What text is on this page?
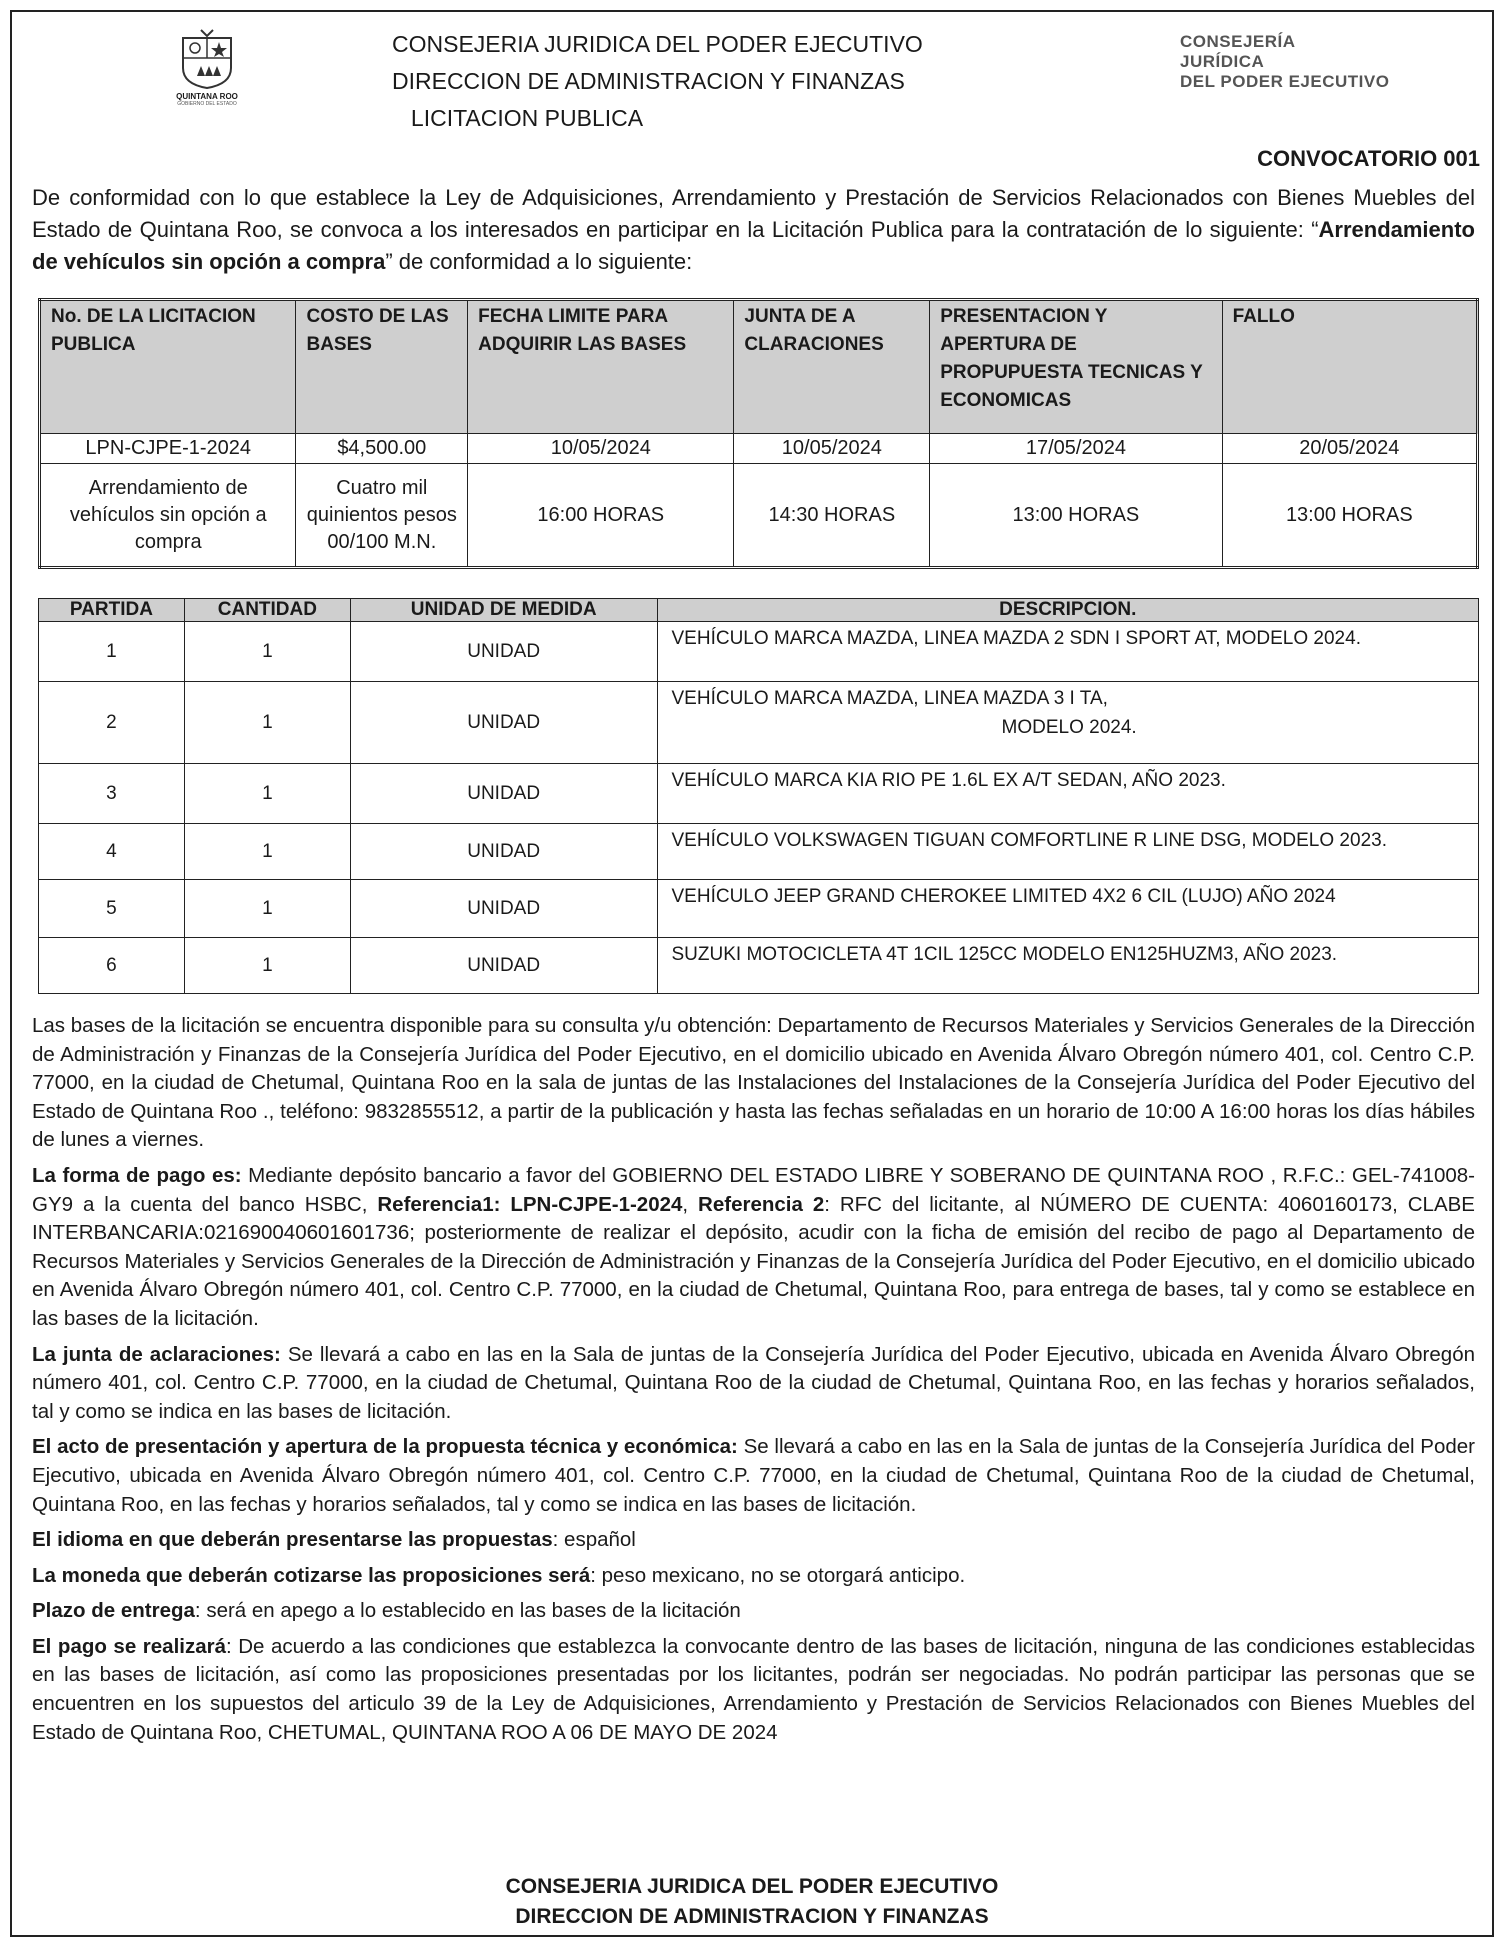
QUINTANA ROO
GOBIERNO DEL ESTADO
CONSEJERIA JURIDICA DEL PODER EJECUTIVO
DIRECCION DE ADMINISTRACION Y FINANZAS
LICITACION PUBLICA
CONSEJERÍA
JURÍDICA
DEL PODER EJECUTIVO
CONVOCATORIO 001
De conformidad con lo que establece la Ley de Adquisiciones, Arrendamiento y Prestación de Servicios Relacionados con Bienes Muebles del Estado de Quintana Roo, se convoca a los interesados en participar en la Licitación Publica para la contratación de lo siguiente: “Arrendamiento de vehículos sin opción a compra” de conformidad a lo siguiente:
No. DE LA LICITACION PUBLICA	COSTO DE LAS BASES	FECHA LIMITE PARA ADQUIRIR LAS BASES	JUNTA DE A CLARACIONES	PRESENTACION Y APERTURA DE PROPUPUESTA TECNICAS Y ECONOMICAS	FALLO
LPN-CJPE-1-2024	$4,500.00	10/05/2024	10/05/2024	17/05/2024	20/05/2024
Arrendamiento de vehículos sin opción a compra	Cuatro mil quinientos pesos 00/100 M.N.	16:00 HORAS	14:30 HORAS	13:00 HORAS	13:00 HORAS
PARTIDA	CANTIDAD	UNIDAD DE MEDIDA	DESCRIPCION.
1	1	UNIDAD	VEHÍCULO MARCA MAZDA, LINEA MAZDA 2 SDN I SPORT AT, MODELO 2024.
2	1	UNIDAD	VEHÍCULO MARCA MAZDA, LINEA MAZDA 3 I TA,
MODELO 2024.

3	1	UNIDAD	VEHÍCULO MARCA KIA RIO PE 1.6L EX A/T SEDAN, AÑO 2023.
4	1	UNIDAD	VEHÍCULO VOLKSWAGEN TIGUAN COMFORTLINE R LINE DSG, MODELO 2023.
5	1	UNIDAD	VEHÍCULO JEEP GRAND CHEROKEE LIMITED 4X2 6 CIL (LUJO) AÑO 2024
6	1	UNIDAD	SUZUKI MOTOCICLETA 4T 1CIL 125CC MODELO EN125HUZM3, AÑO 2023.

Las bases de la licitación se encuentra disponible para su consulta y/u obtención: Departamento de Recursos Materiales y Servicios Generales de la Dirección de Administración y Finanzas de la Consejería Jurídica del Poder Ejecutivo, en el domicilio ubicado en Avenida Álvaro Obregón número 401, col. Centro C.P. 77000, en la ciudad de Chetumal, Quintana Roo en la sala de juntas de las Instalaciones del Instalaciones de la Consejería Jurídica del Poder Ejecutivo del Estado de Quintana Roo ., teléfono: 9832855512, a partir de la publicación y hasta las fechas señaladas en un horario de 10:00 A 16:00 horas los días hábiles de lunes a viernes.

La forma de pago es: Mediante depósito bancario a favor del GOBIERNO DEL ESTADO LIBRE Y SOBERANO DE QUINTANA ROO , R.F.C.: GEL-741008-GY9 a la cuenta del banco HSBC, Referencia1: LPN-CJPE-1-2024, Referencia 2: RFC del licitante, al NÚMERO DE CUENTA: 4060160173, CLABE INTERBANCARIA:021690040601601736; posteriormente de realizar el depósito, acudir con la ficha de emisión del recibo de pago al Departamento de Recursos Materiales y Servicios Generales de la Dirección de Administración y Finanzas de la Consejería Jurídica del Poder Ejecutivo, en el domicilio ubicado en Avenida Álvaro Obregón número 401, col. Centro C.P. 77000, en la ciudad de Chetumal, Quintana Roo, para entrega de bases, tal y como se establece en las bases de la licitación.

La junta de aclaraciones: Se llevará a cabo en las en la Sala de juntas de la Consejería Jurídica del Poder Ejecutivo, ubicada en Avenida Álvaro Obregón número 401, col. Centro C.P. 77000, en la ciudad de Chetumal, Quintana Roo de la ciudad de Chetumal, Quintana Roo, en las fechas y horarios señalados, tal y como se indica en las bases de licitación.

El acto de presentación y apertura de la propuesta técnica y económica: Se llevará a cabo en las en la Sala de juntas de la Consejería Jurídica del Poder Ejecutivo, ubicada en Avenida Álvaro Obregón número 401, col. Centro C.P. 77000, en la ciudad de Chetumal, Quintana Roo de la ciudad de Chetumal, Quintana Roo, en las fechas y horarios señalados, tal y como se indica en las bases de licitación.

El idioma en que deberán presentarse las propuestas: español

La moneda que deberán cotizarse las proposiciones será: peso mexicano, no se otorgará anticipo.

Plazo de entrega: será en apego a lo establecido en las bases de la licitación

El pago se realizará: De acuerdo a las condiciones que establezca la convocante dentro de las bases de licitación, ninguna de las condiciones establecidas en las bases de licitación, así como las proposiciones presentadas por los licitantes, podrán ser negociadas. No podrán participar las personas que se encuentren en los supuestos del articulo 39 de la Ley de Adquisiciones, Arrendamiento y Prestación de Servicios Relacionados con Bienes Muebles del Estado de Quintana Roo, CHETUMAL, QUINTANA ROO A 06 DE MAYO DE 2024

CONSEJERIA JURIDICA DEL PODER EJECUTIVO
DIRECCION DE ADMINISTRACION Y FINANZAS
